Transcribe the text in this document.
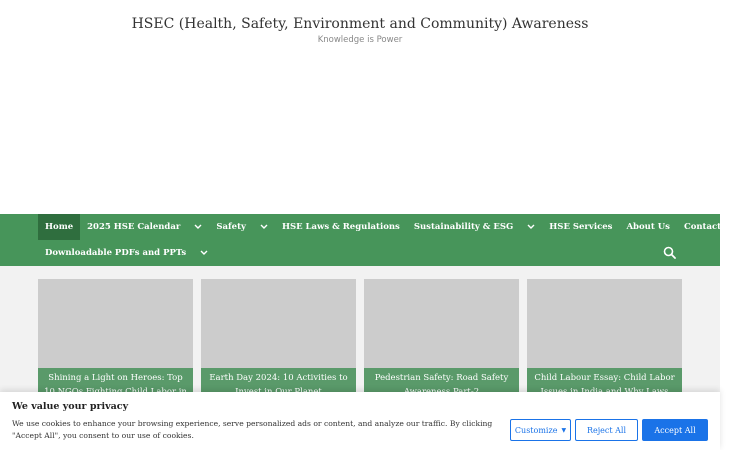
HSEC (Health, Safety, Environment and Community) Awareness
Knowledge is Power
Home	2025 HSE Calendar	Safety	HSE Laws & Regulations	Sustainability & ESG	HSE Services	About Us	Contact Us
Downloadable PDFs and PPTs
Shining a Light on Heroes: Top	Earth Day 2024: 10 Activities to	Pedestrian Safety: Road Safety	Child Labour Essay: Child Labor
We value your privacy
We use cookies to enhance your browsing experience, serve personalized ads or content, and analyze our traffic. By clicking "Accept All", you consent to our use of cookies.
Customize ▼	Reject All	Accept All
